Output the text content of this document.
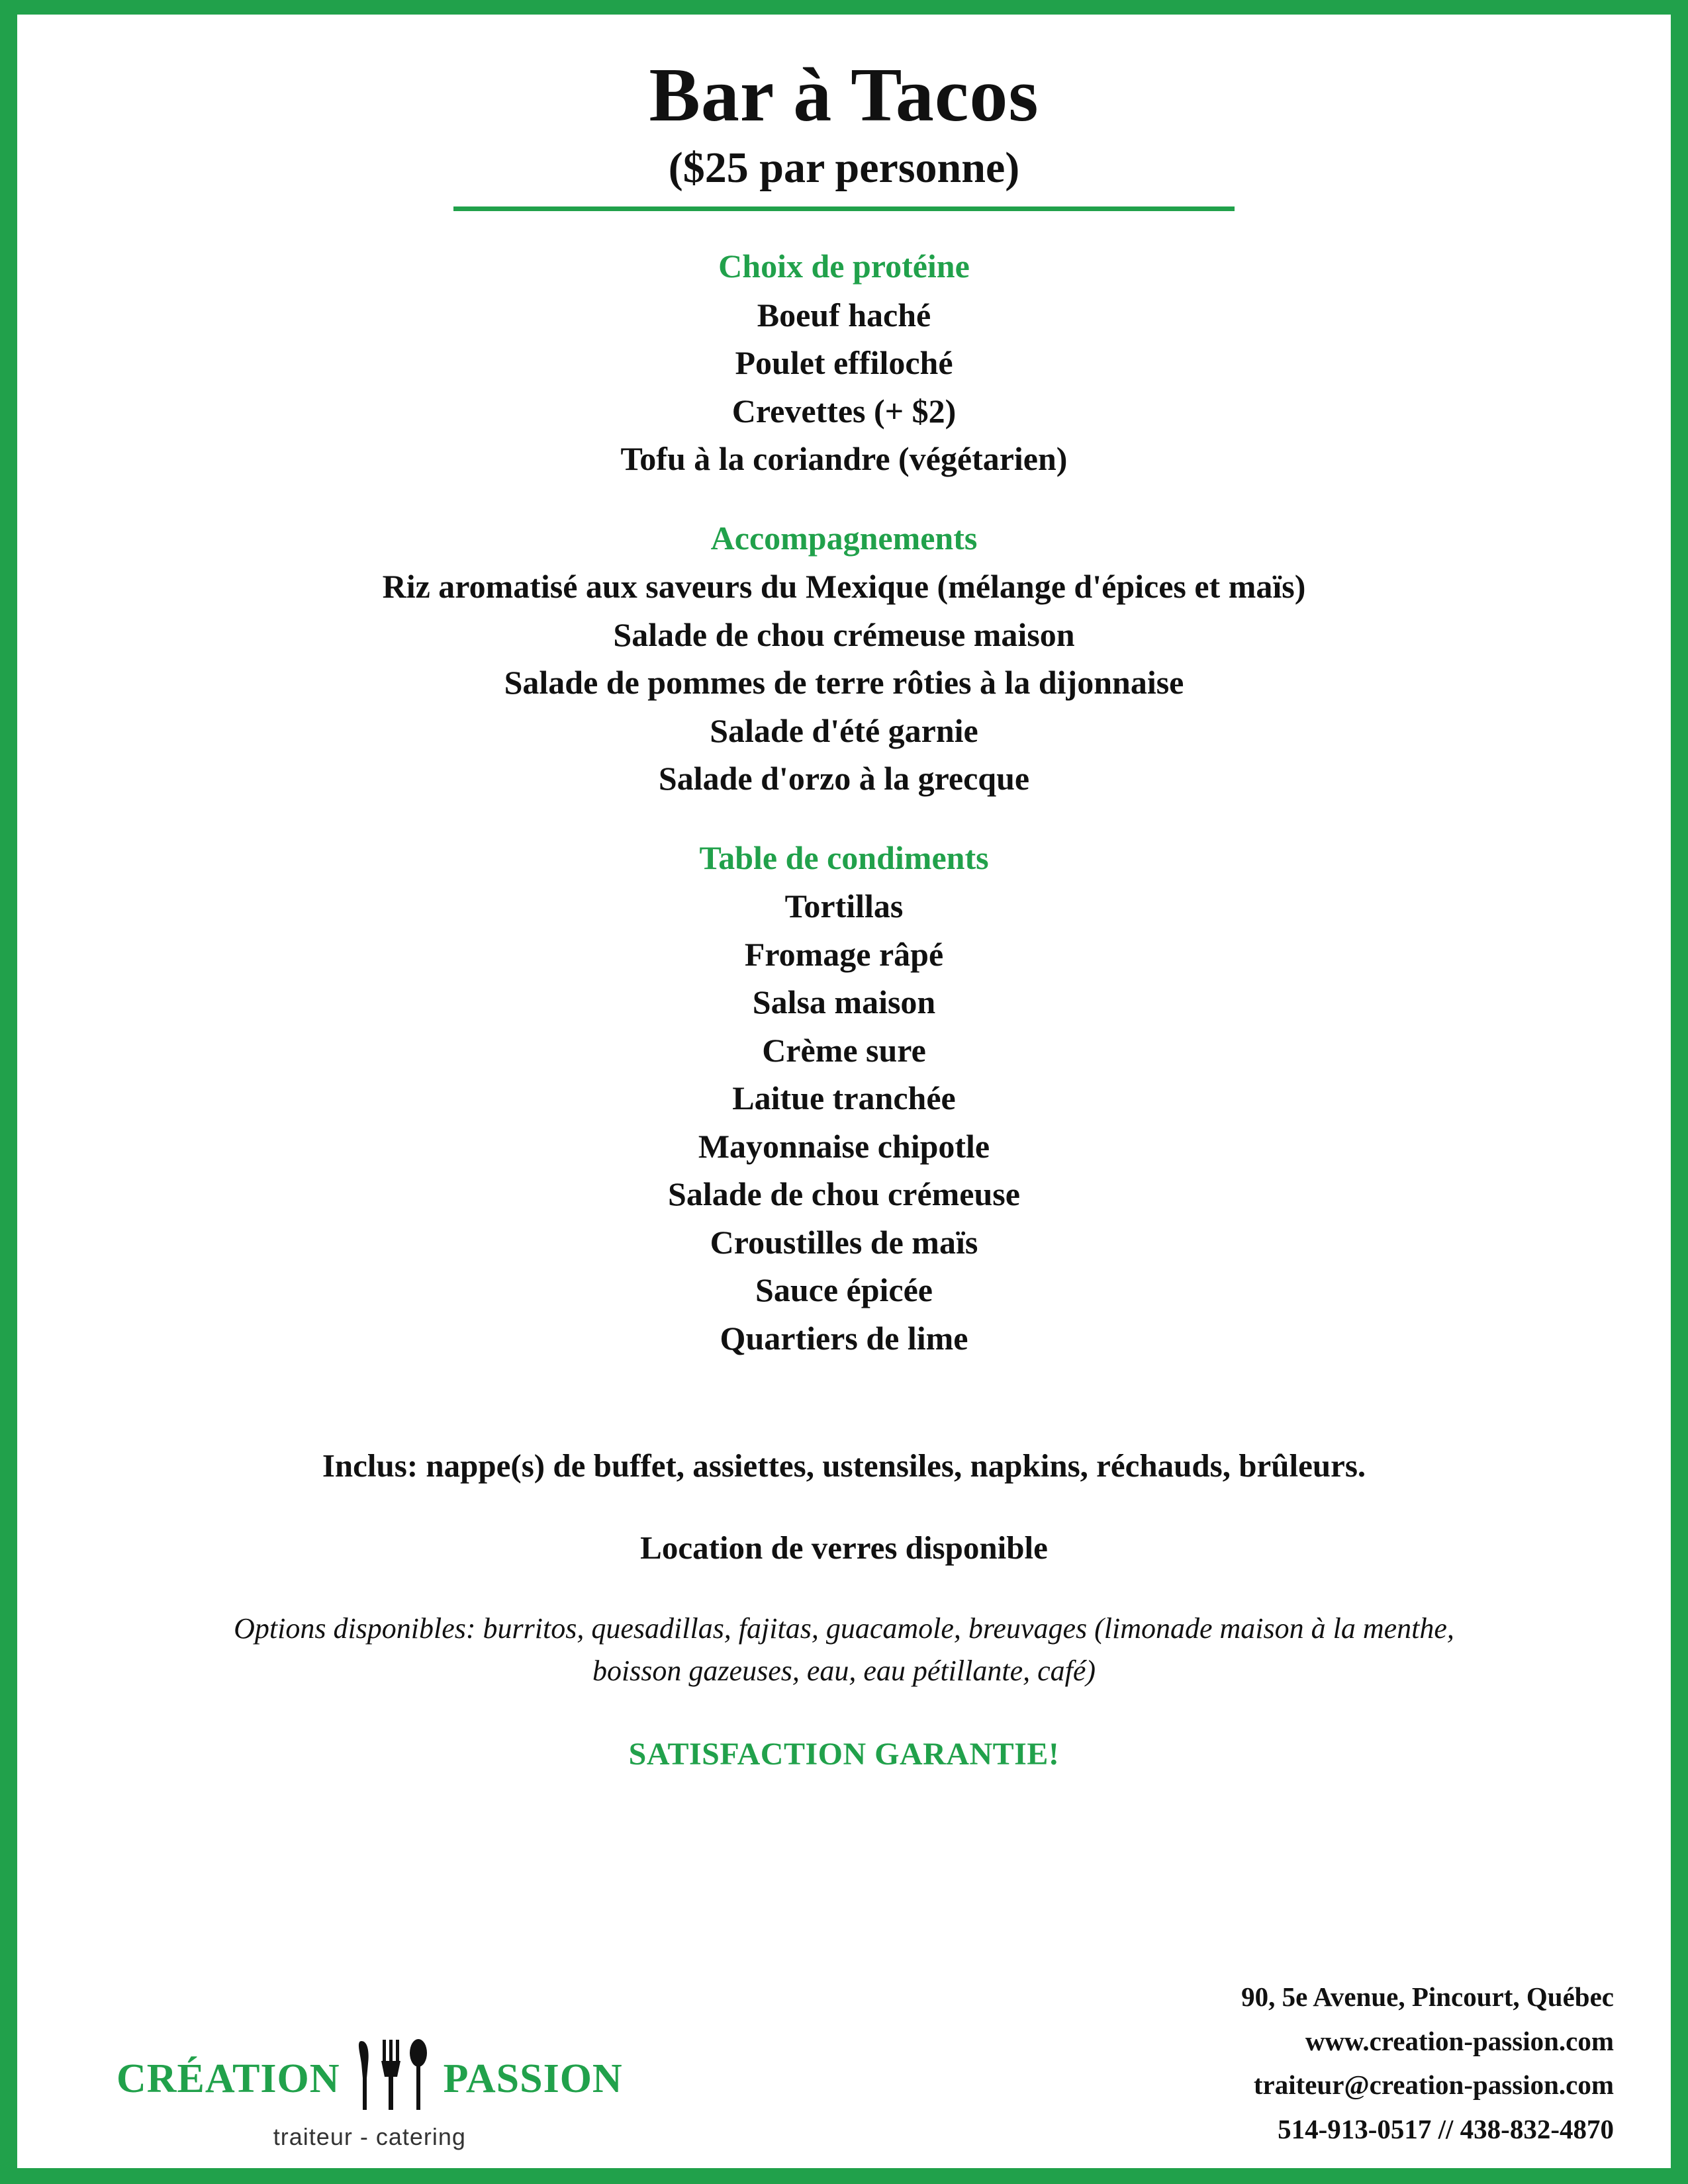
Bar à Tacos
($25 par personne)
Choix de protéine
Boeuf haché
Poulet effiloché
Crevettes (+ $2)
Tofu à la coriandre (végétarien)
Accompagnements
Riz aromatisé aux saveurs du Mexique (mélange d'épices et maïs)
Salade de chou crémeuse maison
Salade de pommes de terre rôties à la dijonnaise
Salade d'été garnie
Salade d'orzo à la grecque
Table de condiments
Tortillas
Fromage râpé
Salsa maison
Crème sure
Laitue tranchée
Mayonnaise chipotle
Salade de chou crémeuse
Croustilles de maïs
Sauce épicée
Quartiers de lime
Inclus: nappe(s) de buffet, assiettes, ustensiles, napkins, réchauds, brûleurs.
Location de verres disponible
Options disponibles: burritos, quesadillas, fajitas, guacamole, breuvages (limonade maison à la menthe, boisson gazeuses, eau, eau pétillante, café)
SATISFACTION GARANTIE!
CRÉATION	PASSION
traiteur - catering
90, 5e Avenue, Pincourt, Québec
www.creation-passion.com
traiteur@creation-passion.com
514-913-0517 // 438-832-4870
